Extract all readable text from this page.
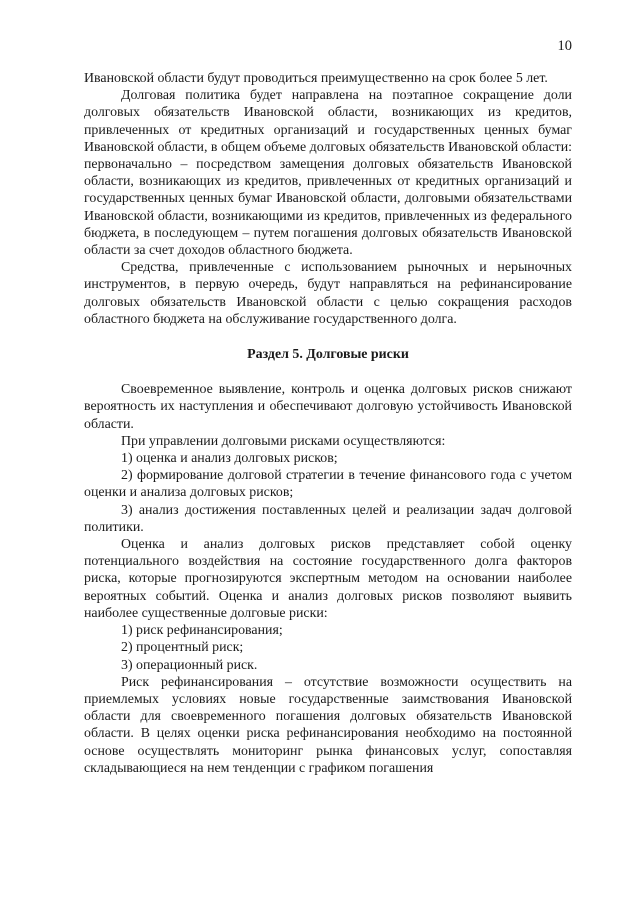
10

Ивановской области будут проводиться преимущественно на срок более 5 лет.

Долговая политика будет направлена на поэтапное сокращение доли долговых обязательств Ивановской области, возникающих из кредитов, привлеченных от кредитных организаций и государственных ценных бумаг Ивановской области, в общем объеме долговых обязательств Ивановской области: первоначально – посредством замещения долговых обязательств Ивановской области, возникающих из кредитов, привлеченных от кредитных организаций и государственных ценных бумаг Ивановской области, долговыми обязательствами Ивановской области, возникающими из кредитов, привлеченных из федерального бюджета, в последующем – путем погашения долговых обязательств Ивановской области за счет доходов областного бюджета.

Средства, привлеченные с использованием рыночных и нерыночных инструментов, в первую очередь, будут направляться на рефинансирование долговых обязательств Ивановской области с целью сокращения расходов областного бюджета на обслуживание государственного долга.

Раздел 5. Долговые риски

Своевременное выявление, контроль и оценка долговых рисков снижают вероятность их наступления и обеспечивают долговую устойчивость Ивановской области.

При управлении долговыми рисками осуществляются:

1) оценка и анализ долговых рисков;

2) формирование долговой стратегии в течение финансового года с учетом оценки и анализа долговых рисков;

3) анализ достижения поставленных целей и реализации задач долговой политики.

Оценка и анализ долговых рисков представляет собой оценку потенциального воздействия на состояние государственного долга факторов риска, которые прогнозируются экспертным методом на основании наиболее вероятных событий. Оценка и анализ долговых рисков позволяют выявить наиболее существенные долговые риски:

1) риск рефинансирования;

2) процентный риск;

3) операционный риск.

Риск рефинансирования – отсутствие возможности осуществить на приемлемых условиях новые государственные заимствования Ивановской области для своевременного погашения долговых обязательств Ивановской области. В целях оценки риска рефинансирования необходимо на постоянной основе осуществлять мониторинг рынка финансовых услуг, сопоставляя складывающиеся на нем тенденции с графиком погашения
